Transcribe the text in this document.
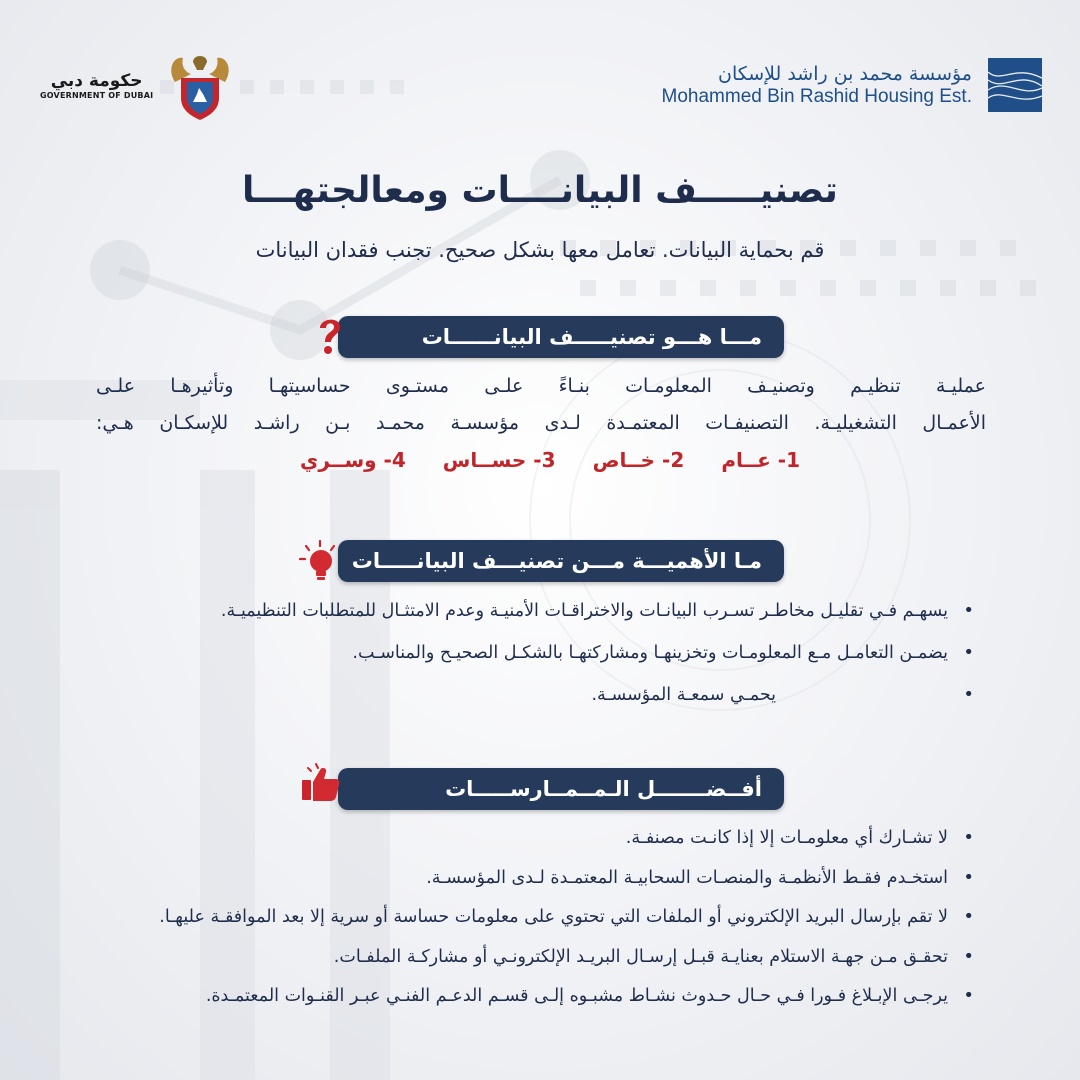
حكومة دبي
GOVERNMENT OF DUBAI
مؤسسة محمد بن راشد للإسكان
Mohammed Bin Rashid Housing Est.
تصنيـــــف البيانــــات ومعالجتهـــا
قم بحماية البيانات. تعامل معها بشكل صحيح. تجنب فقدان البيانات
مـــا هـــو تصنيـــــف البيانــــــات

عمليـة تنظيـم وتصنيـف المعلومـات بنـاءً علـى مستـوى حساسيتهـا وتأثيرهـا علـى

الأعمـال التشغيليـة. التصنيفـات المعتمـدة لـدى مؤسسـة محمـد بـن راشـد للإسكـان هـي:

1- عــام
2- خــاص
3- حســاس
4- وســري
مـا الأهميـــة مـــن تصنيـــف البيانـــــات
• يسهـم فـي تقليـل مخاطـر تسـرب البيانـات والاختراقـات الأمنيـة وعدم الامتثـال للمتطلبات التنظيميـة.
• يضمـن التعامـل مـع المعلومـات وتخزينهـا ومشاركتهـا بالشكـل الصحيـح والمناسـب.
• يحمـي سمعـة المؤسسـة.
أفــضـــــــل الـمــمــارســـــات
• لا تشـارك أي معلومـات إلا إذا كانـت مصنفـة.
• استخـدم فقـط الأنظمـة والمنصـات السحابيـة المعتمـدة لـدى المؤسسـة.
• لا تقم بإرسال البريد الإلكتروني أو الملفات التي تحتوي على معلومات حساسة أو سرية إلا بعد الموافقـة عليهـا.
• تحقـق مـن جهـة الاستلام بعنايـة قبـل إرسـال البريـد الإلكترونـي أو مشاركـة الملفـات.
• يرجـى الإبـلاغ فـورا فـي حـال حـدوث نشـاط مشبـوه إلـى قسـم الدعـم الفنـي عبـر القنـوات المعتمـدة.
